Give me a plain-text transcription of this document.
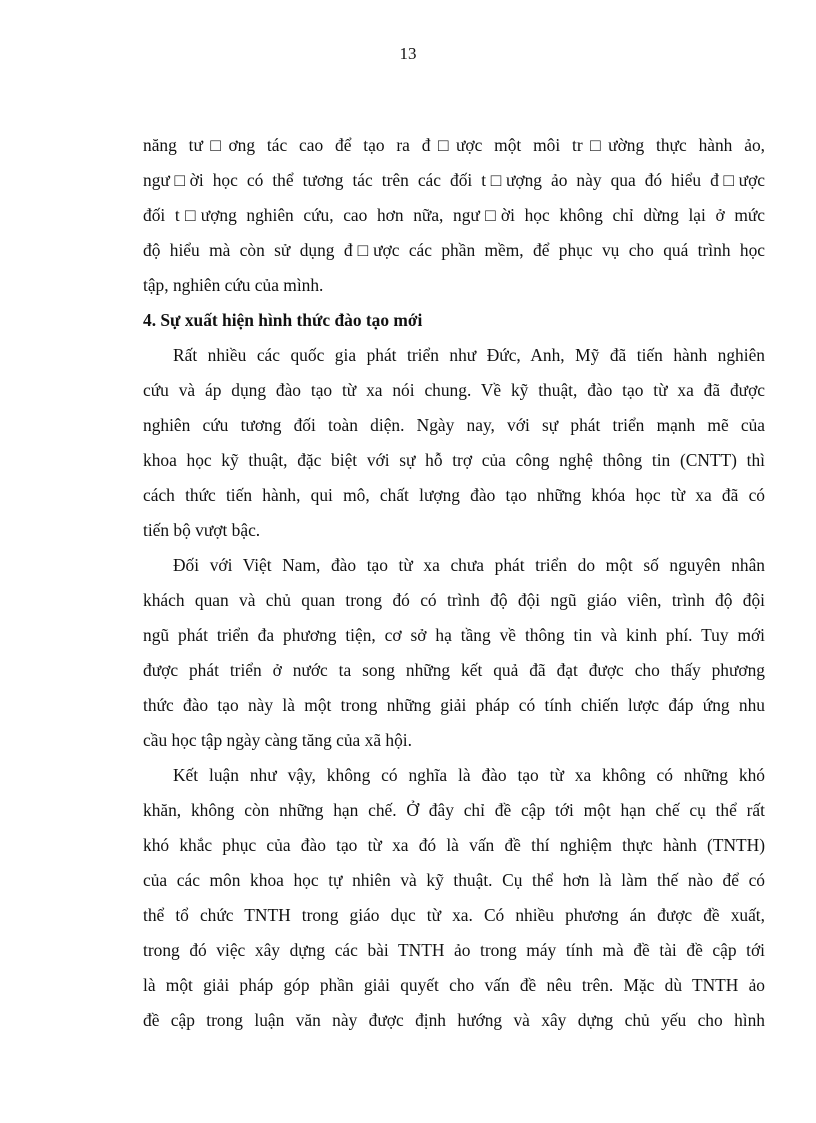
13
năng tư□ơng tác cao để tạo ra đ□ược một môi tr□ường thực hành ảo,
ngư□ời học có thể tương tác trên các đối t□ượng ảo này qua đó hiểu đ□ược
đối t□ượng nghiên cứu, cao hơn nữa, ngư□ời học không chỉ dừng lại ở mức
độ hiểu mà còn sử dụng đ□ược các phần mềm, để phục vụ cho quá trình học
tập, nghiên cứu của mình.
4. Sự xuất hiện hình thức đào tạo mới
Rất nhiều các quốc gia phát triển như Đức, Anh, Mỹ đã tiến hành nghiên
cứu và áp dụng đào tạo từ xa nói chung. Về kỹ thuật, đào tạo từ xa đã được
nghiên cứu tương đối toàn diện. Ngày nay, với sự phát triển mạnh mẽ của
khoa học kỹ thuật, đặc biệt với sự hỗ trợ của công nghệ thông tin (CNTT) thì
cách thức tiến hành, qui mô, chất lượng đào tạo những khóa học từ xa đã có
tiến bộ vượt bậc.
Đối với Việt Nam, đào tạo từ xa chưa phát triển do một số nguyên nhân
khách quan và chủ quan trong đó có trình độ đội ngũ giáo viên, trình độ đội
ngũ phát triển đa phương tiện, cơ sở hạ tầng về thông tin và kinh phí. Tuy mới
được phát triển ở nước ta song những kết quả đã đạt được cho thấy phương
thức đào tạo này là một trong những giải pháp có tính chiến lược đáp ứng nhu
cầu học tập ngày càng tăng của xã hội.
Kết luận như vậy, không có nghĩa là đào tạo từ xa không có những khó
khăn, không còn những hạn chế. Ở đây chỉ đề cập tới một hạn chế cụ thể rất
khó khắc phục của đào tạo từ xa đó là vấn đề thí nghiệm thực hành (TNTH)
của các môn khoa học tự nhiên và kỹ thuật. Cụ thể hơn là làm thế nào để có
thể tổ chức TNTH trong giáo dục từ xa. Có nhiều phương án được đề xuất,
trong đó việc xây dựng các bài TNTH ảo trong máy tính mà đề tài đề cập tới
là một giải pháp góp phần giải quyết cho vấn đề nêu trên. Mặc dù TNTH ảo
đề cập trong luận văn này được định hướng và xây dựng chủ yếu cho hình
